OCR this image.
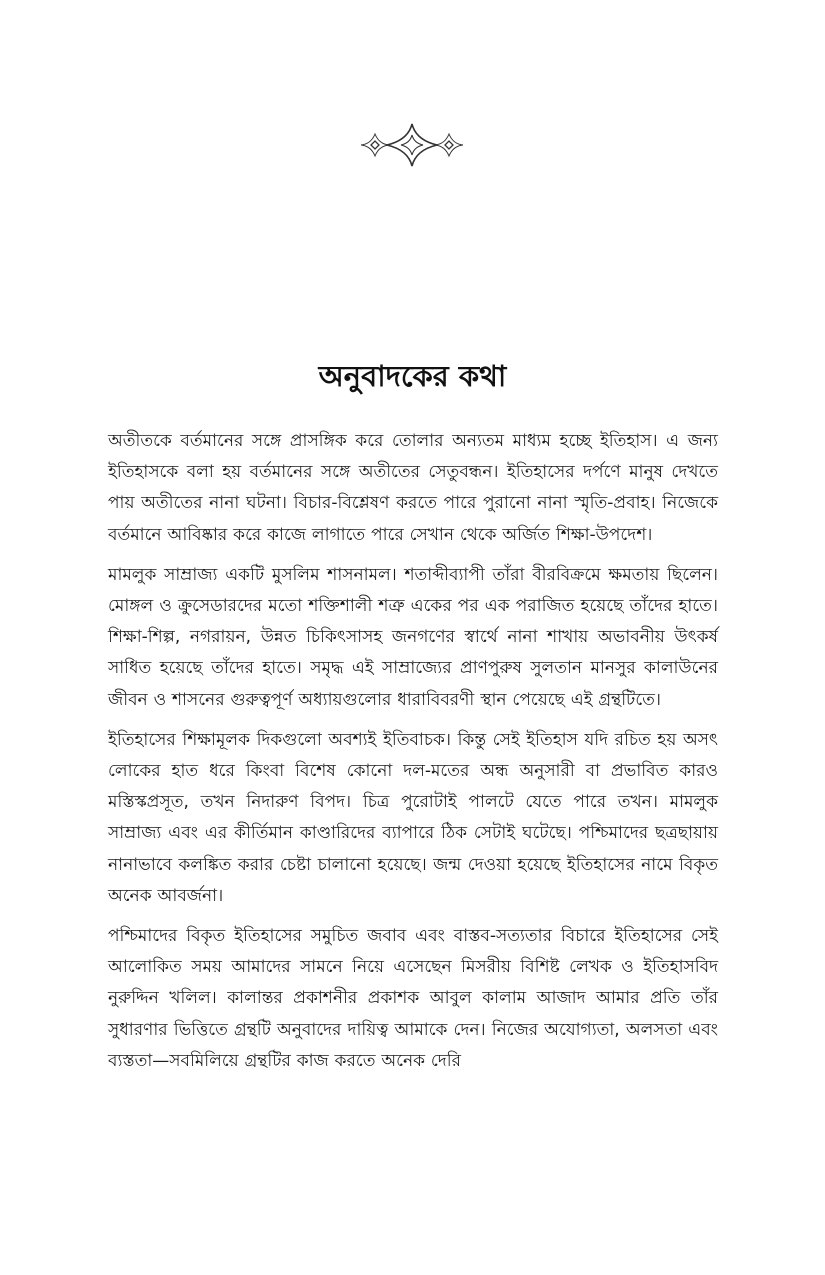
অনুবাদকের কথা

অতীতকে বর্তমানের সঙ্গে প্রাসঙ্গিক করে তোলার অন্যতম মাধ্যম হচ্ছে ইতিহাস। এ জন্য ইতিহাসকে বলা হয় বর্তমানের সঙ্গে অতীতের সেতুবন্ধন। ইতিহাসের দর্পণে মানুষ দেখতে পায় অতীতের নানা ঘটনা। বিচার-বিশ্লেষণ করতে পারে পুরানো নানা স্মৃতি-প্রবাহ। নিজেকে বর্তমানে আবিষ্কার করে কাজে লাগাতে পারে সেখান থেকে অর্জিত শিক্ষা-উপদেশ।

মামলুক সাম্রাজ্য একটি মুসলিম শাসনামল। শতাব্দীব্যাপী তাঁরা বীরবিক্রমে ক্ষমতায় ছিলেন। মোঙ্গল ও ক্রুসেডারদের মতো শক্তিশালী শত্রু একের পর এক পরাজিত হয়েছে তাঁদের হাতে। শিক্ষা-শিল্প, নগরায়ন, উন্নত চিকিৎসাসহ জনগণের স্বার্থে নানা শাখায় অভাবনীয় উৎকর্ষ সাধিত হয়েছে তাঁদের হাতে। সমৃদ্ধ এই সাম্রাজ্যের প্রাণপুরুষ সুলতান মানসুর কালাউনের জীবন ও শাসনের গুরুত্বপূর্ণ অধ্যায়গুলোর ধারাবিবরণী স্থান পেয়েছে এই গ্রন্থটিতে।

ইতিহাসের শিক্ষামূলক দিকগুলো অবশ্যই ইতিবাচক। কিন্তু সেই ইতিহাস যদি রচিত হয় অসৎ লোকের হাত ধরে কিংবা বিশেষ কোনো দল-মতের অন্ধ অনুসারী বা প্রভাবিত কারও মস্তিস্কপ্রসূত, তখন নিদারুণ বিপদ। চিত্র পুরোটাই পালটে যেতে পারে তখন। মামলুক সাম্রাজ্য এবং এর কীর্তিমান কাণ্ডারিদের ব্যাপারে ঠিক সেটাই ঘটেছে। পশ্চিমাদের ছত্রছায়ায় নানাভাবে কলঙ্কিত করার চেষ্টা চালানো হয়েছে। জন্ম দেওয়া হয়েছে ইতিহাসের নামে বিকৃত অনেক আবর্জনা।

পশ্চিমাদের বিকৃত ইতিহাসের সমুচিত জবাব এবং বাস্তব-সত্যতার বিচারে ইতিহাসের সেই আলোকিত সময় আমাদের সামনে নিয়ে এসেছেন মিসরীয় বিশিষ্ট লেখক ও ইতিহাসবিদ নুরুদ্দিন খলিল। কালান্তর প্রকাশনীর প্রকাশক আবুল কালাম আজাদ আমার প্রতি তাঁর সুধারণার ভিত্তিতে গ্রন্থটি অনুবাদের দায়িত্ব আমাকে দেন। নিজের অযোগ্যতা, অলসতা এবং ব্যস্ততা—সবমিলিয়ে গ্রন্থটির কাজ করতে অনেক দেরি
